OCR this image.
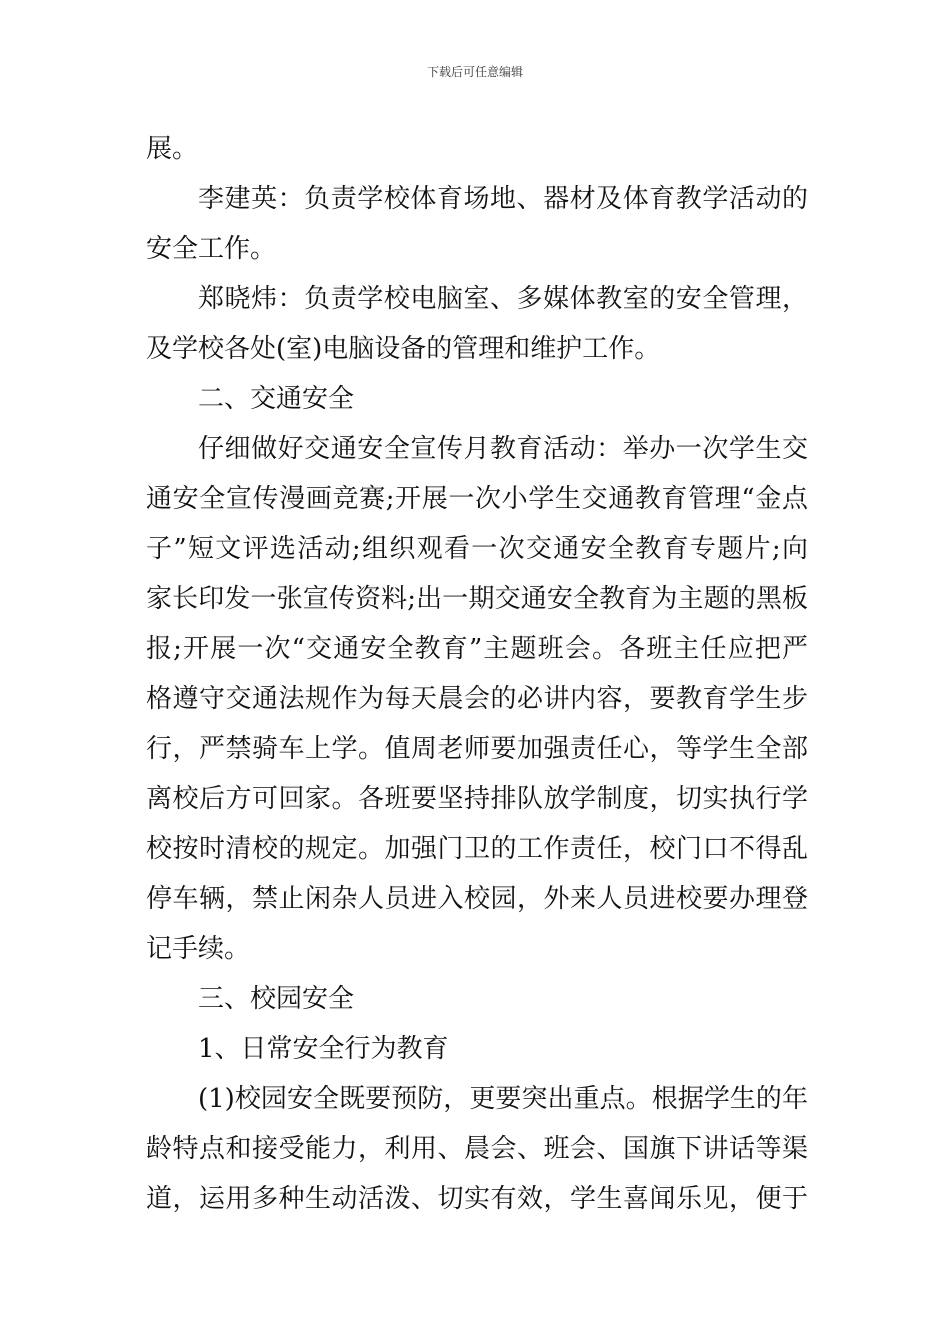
下载后可任意编辑
展。
李建英：负责学校体育场地、器材及体育教学活动的
安全工作。
郑晓炜：负责学校电脑室、多媒体教室的安全管理，
及学校各处(室)电脑设备的管理和维护工作。
二、交通安全
仔细做好交通安全宣传月教育活动：举办一次学生交
通安全宣传漫画竞赛;开展一次小学生交通教育管理“金点
子”短文评选活动;组织观看一次交通安全教育专题片;向
家长印发一张宣传资料;出一期交通安全教育为主题的黑板
报;开展一次“交通安全教育”主题班会。各班主任应把严
格遵守交通法规作为每天晨会的必讲内容，要教育学生步
行，严禁骑车上学。值周老师要加强责任心，等学生全部
离校后方可回家。各班要坚持排队放学制度，切实执行学
校按时清校的规定。加强门卫的工作责任，校门口不得乱
停车辆，禁止闲杂人员进入校园，外来人员进校要办理登
记手续。
三、校园安全
1、日常安全行为教育
(1)校园安全既要预防，更要突出重点。根据学生的年
龄特点和接受能力，利用、晨会、班会、国旗下讲话等渠
道，运用多种生动活泼、切实有效，学生喜闻乐见，便于
